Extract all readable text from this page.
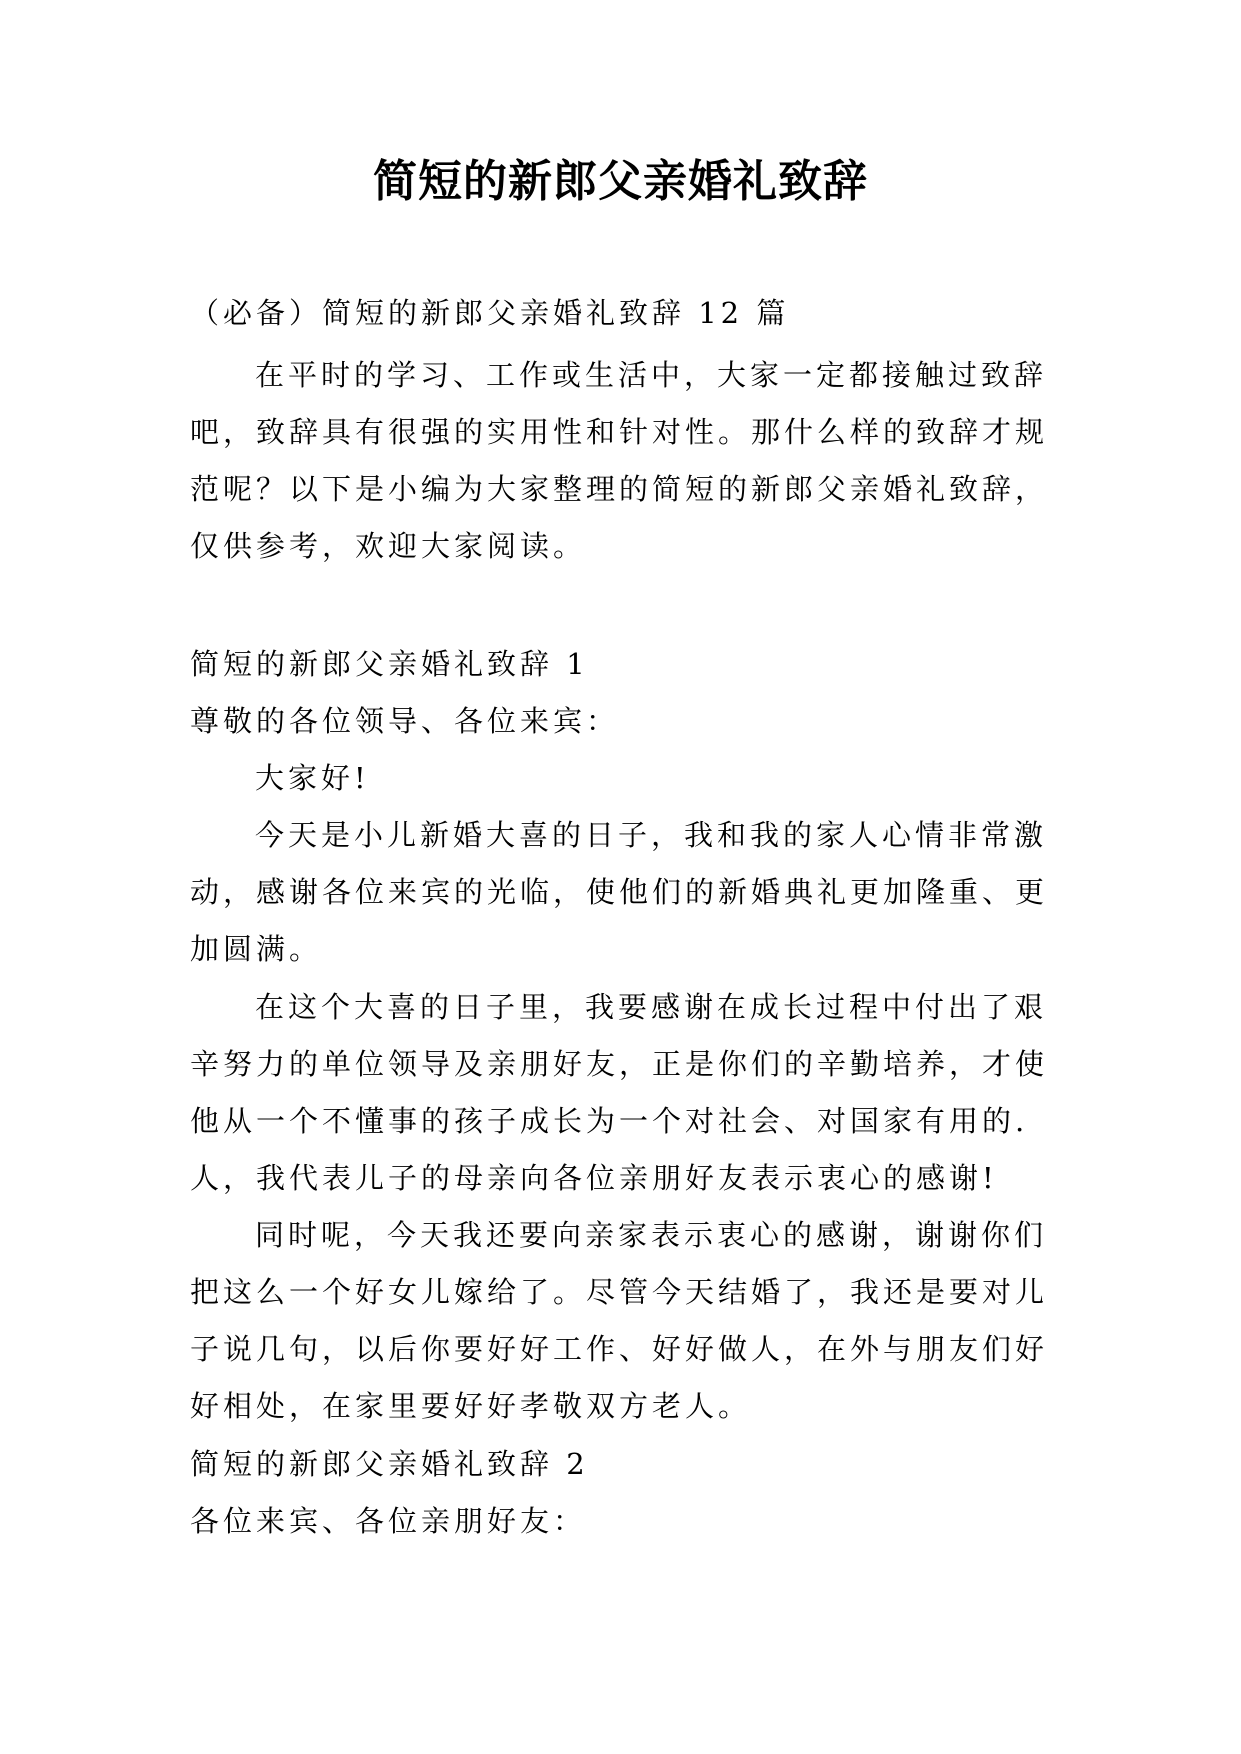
简短的新郎父亲婚礼致辞
（必备）简短的新郎父亲婚礼致辞 12 篇
在平时的学习、工作或生活中，大家一定都接触过致辞
吧，致辞具有很强的实用性和针对性。那什么样的致辞才规
范呢？以下是小编为大家整理的简短的新郎父亲婚礼致辞，
仅供参考，欢迎大家阅读。
简短的新郎父亲婚礼致辞 1
尊敬的各位领导、各位来宾：
大家好!
今天是小儿新婚大喜的日子，我和我的家人心情非常激
动，感谢各位来宾的光临，使他们的新婚典礼更加隆重、更
加圆满。
在这个大喜的日子里，我要感谢在成长过程中付出了艰
辛努力的单位领导及亲朋好友，正是你们的辛勤培养，才使
他从一个不懂事的孩子成长为一个对社会、对国家有用的.
人，我代表儿子的母亲向各位亲朋好友表示衷心的感谢!
同时呢，今天我还要向亲家表示衷心的感谢，谢谢你们
把这么一个好女儿嫁给了。尽管今天结婚了，我还是要对儿
子说几句，以后你要好好工作、好好做人，在外与朋友们好
好相处，在家里要好好孝敬双方老人。
简短的新郎父亲婚礼致辞 2
各位来宾、各位亲朋好友：
